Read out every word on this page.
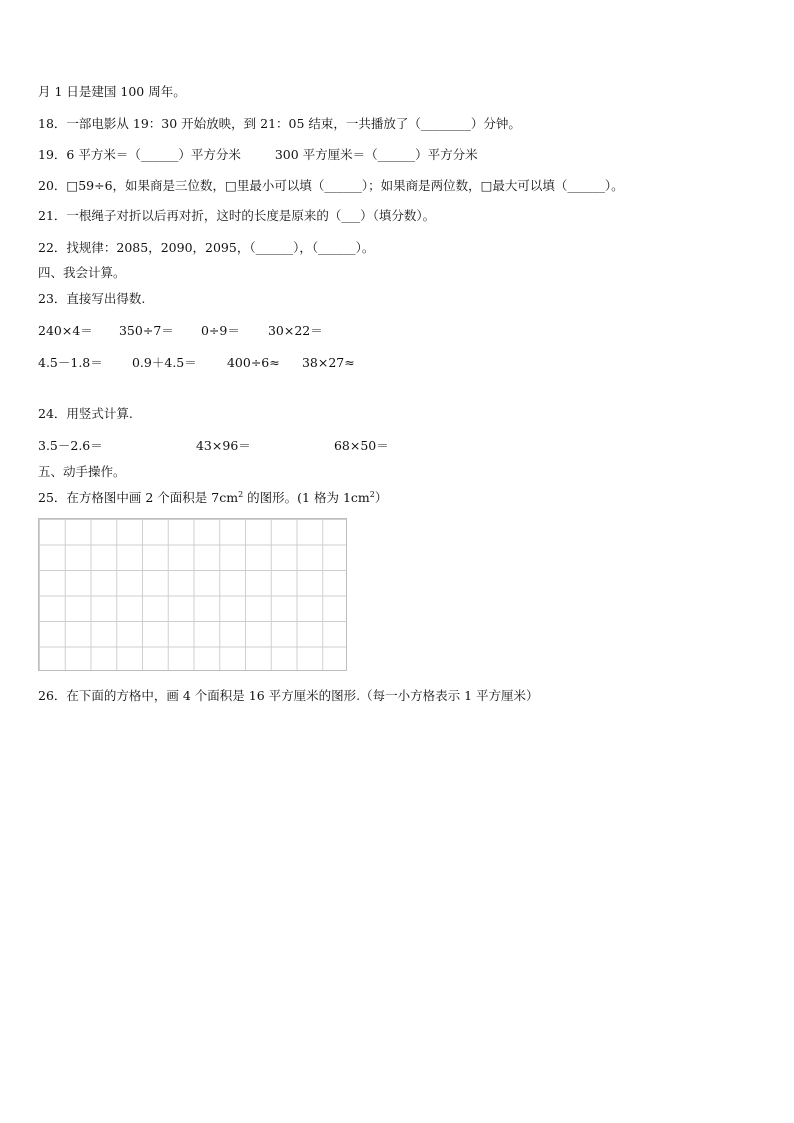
月 1 日是建国 100 周年。
18．一部电影从 19：30 开始放映，到 21：05 结束，一共播放了（________）分钟。
19．6 平方米＝（______）平方分米	300 平方厘米＝（______）平方分米
20．□59÷6，如果商是三位数，□里最小可以填（______）；如果商是两位数，□最大可以填（______）。
21．一根绳子对折以后再对折，这时的长度是原来的（___）（填分数）。
22．找规律：2085，2090，2095，（______），（______）。
四、我会计算。
23．直接写出得数.
240×4＝ 350÷7＝ 0÷9＝ 30×22＝
4.5－1.8＝ 0.9＋4.5＝ 400÷6≈ 38×27≈
24．用竖式计算.
3.5－2.6＝	43×96＝	68×50＝
五、动手操作。
25．在方格图中画 2 个面积是 $7cm^2$ 的图形。(1 格为 $1cm^2$）
26．在下面的方格中，画 4 个面积是 16 平方厘米的图形.（每一小方格表示 1 平方厘米）
